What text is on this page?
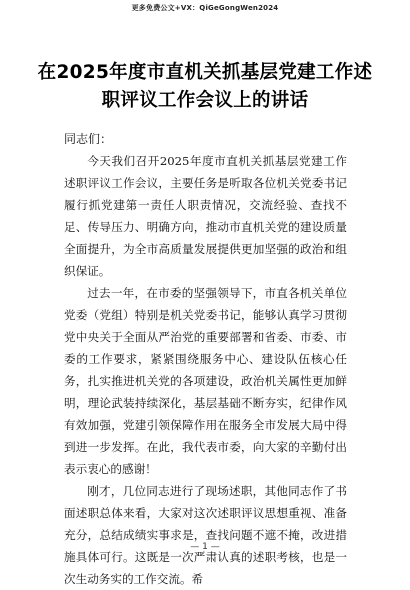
更多免费公文+VX：QiGeGongWen2024
在2025年度市直机关抓基层党建工作述
职评议工作会议上的讲话
同志们：

今天我们召开2025年度市直机关抓基层党建工作述职评议工作会议，主要任务是听取各位机关党委书记履行抓党建第一责任人职责情况，交流经验、查找不足、传导压力、明确方向，推动市直机关党的建设质量全面提升，为全市高质量发展提供更加坚强的政治和组织保证。

过去一年，在市委的坚强领导下，市直各机关单位党委（党组）特别是机关党委书记，能够认真学习贯彻党中央关于全面从严治党的重要部署和省委、市委、市委的工作要求，紧紧围绕服务中心、建设队伍核心任务，扎实推进机关党的各项建设，政治机关属性更加鲜明，理论武装持续深化，基层基础不断夯实，纪律作风有效加强，党建引领保障作用在服务全市发展大局中得到进一步发挥。在此，我代表市委，向大家的辛勤付出表示衷心的感谢！

刚才，几位同志进行了现场述职，其他同志作了书面述职总体来看，大家对这次述职评议思想重视、准备充分，总结成绩实事求是，查找问题不遮不掩，改进措施具体可行。这既是一次严肃认真的述职考核，也是一次生动务实的工作交流。希

— 1 —
